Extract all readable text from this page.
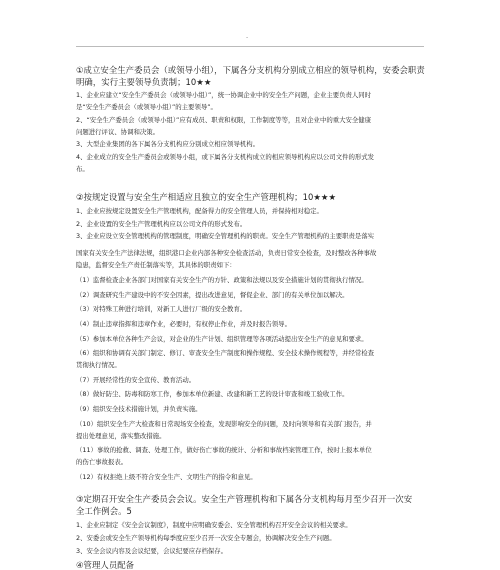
-
①成立安全生产委员会（或领导小组），下属各分支机构分别成立相应的领导机构，安委会职责
明确，实行主要领导负责制；10★★
1、企业应建立“安全生产委员会（或领导小组）”，统一协调企业中的安全生产问题，企业主要负责人同时
是“安全生产委员会（或领导小组）”的主要领导”。
2、“安全生产委员会（或领导小组）”应有成员、职责和权限，工作制度等等，且对企业中的重大安全健康
问题进行评议、协调和决策。
3、大型企业集团的各下属各分支机构应分别成立相应领导机构。
4、企业成立的安全生产委员会或领导小组，或下属各分支机构成立的相应领导机构应以公司文件的形式发
布。
②按规定设置与安全生产相适应且独立的安全生产管理机构；10★★★
1、企业应按规定设置安全生产管理机构，配备得力的安全管理人员，并保持相对稳定。
2、企业设置的安全生产管理机构应以公司文件的形式发布。
3、企业应设立安全管理机构的管理制度，明确安全管理机构的职责。安全生产管理机构的主要职责是落实
国家有关安全生产法律法规，组织港口企业内部各种安全检查活动，负责日常安全检查，及时整改各种事故
隐患，监督安全生产责任制落实等，其具体的职责如下：
（1）监督检查企业各部门对国家有关安全生产的方针、政策和法规以及安全措施计划的贯彻执行情况。
（2）调查研究生产建设中的不安全因素，提出改进意见，督促企业、部门的有关单位加以解决。
（3）对特殊工种进行培训，对新工人进行厂级的安全教育。
（4）制止违章指挥和违章作业，必要时，有权停止作业，并及时报告领导。
（5）参加本单位各种生产会议，对企业的生产计划、组织管理等各项活动提出安全生产的意见和要求。
（6）组织和协调有关部门制定、修订、审查安全生产制度和操作规程、安全技术操作规程等，并经常检查
贯彻执行情况。
（7）开展经常性的安全宣传、教育活动。
（8）做好防尘、防毒和防寒工作，参加本单位新建、改建和新工艺的设计审查和竣工验收工作。
（9）组织安全技术措施计划，并负责实施。
（10）组织安全生产大检查和日常现场安全检查，发现影响安全的问题，及时向领导和有关部门报告，并
提出处理意见，落实整改措施。
（11）事故的抢救、调查、处理工作，做好伤亡事故的统计、分析和事故档案管理工作，按时上报本单位
的伤亡事故报表。
（12）有权拒绝上级不符合安全生产、文明生产的指令和意见。
③定期召开安全生产委员会会议。安全生产管理机构和下属各分支机构每月至少召开一次安
全工作例会。5
1、企业应制定《安全会议制度》，制度中应明确安委会、安全管理机构召开安全会议的相关要求。
2、安委会或安全生产领导机构每季度应至少召开一次安全专题会，协调解决安全生产问题。
3、安全会议内容及会议纪要，会议纪要应存档保存。
④管理人员配备
